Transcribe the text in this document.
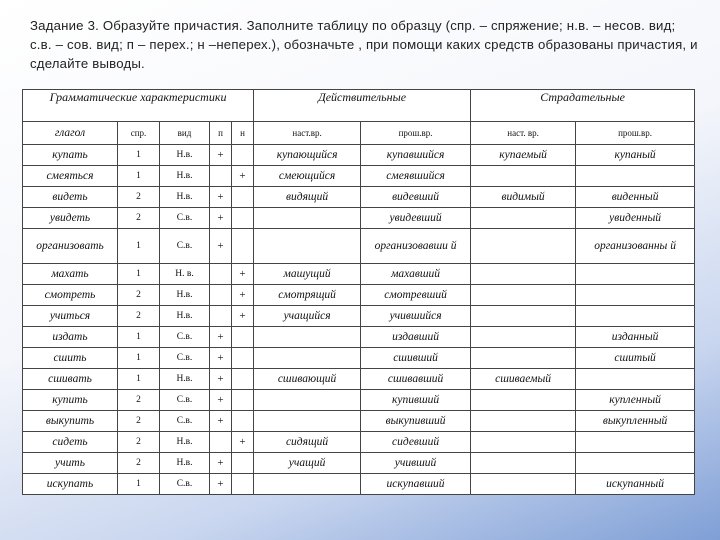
Задание 3. Образуйте причастия. Заполните таблицу по образцу (спр. – спряжение; н.в. – несов. вид; с.в. – сов. вид; п – перех.; н –неперех.), обозначьте , при помощи каких средств образованы причастия, и сделайте выводы.
Грамматические характеристики					Действительные		Страдательные	
глагол	спр.	вид	п	н	наст.вр.	прош.вр.	наст. вр.	прош.вр.
купать	1	Н.в.	+		купающийся	купавшийся	купаемый	купаный
смеяться	1	Н.в.		+	смеющийся	смеявшийся		
видеть	2	Н.в.	+		видящий	видевший	видимый	виденный
увидеть	2	С.в.	+			увидевший		увиденный
организовать	1	С.в.	+			организовавши й		организованны й
махать	1	Н. в.		+	машущий	махавший		
смотреть	2	Н.в.		+	смотрящий	смотревший		
учиться	2	Н.в.		+	учащийся	учившийся		
издать	1	С.в.	+			издавший		изданный
сшить	1	С.в.	+			сшивший		сшитый
сшивать	1	Н.в.	+		сшивающий	сшивавший	сшиваемый	
купить	2	С.в.	+			купивший		купленный
выкупить	2	С.в.	+			выкупивший		выкупленный
сидеть	2	Н.в.		+	сидящий	сидевший		
учить	2	Н.в.	+		учащий	учивший		
искупать	1	С.в.	+			искупавший		искупанный
